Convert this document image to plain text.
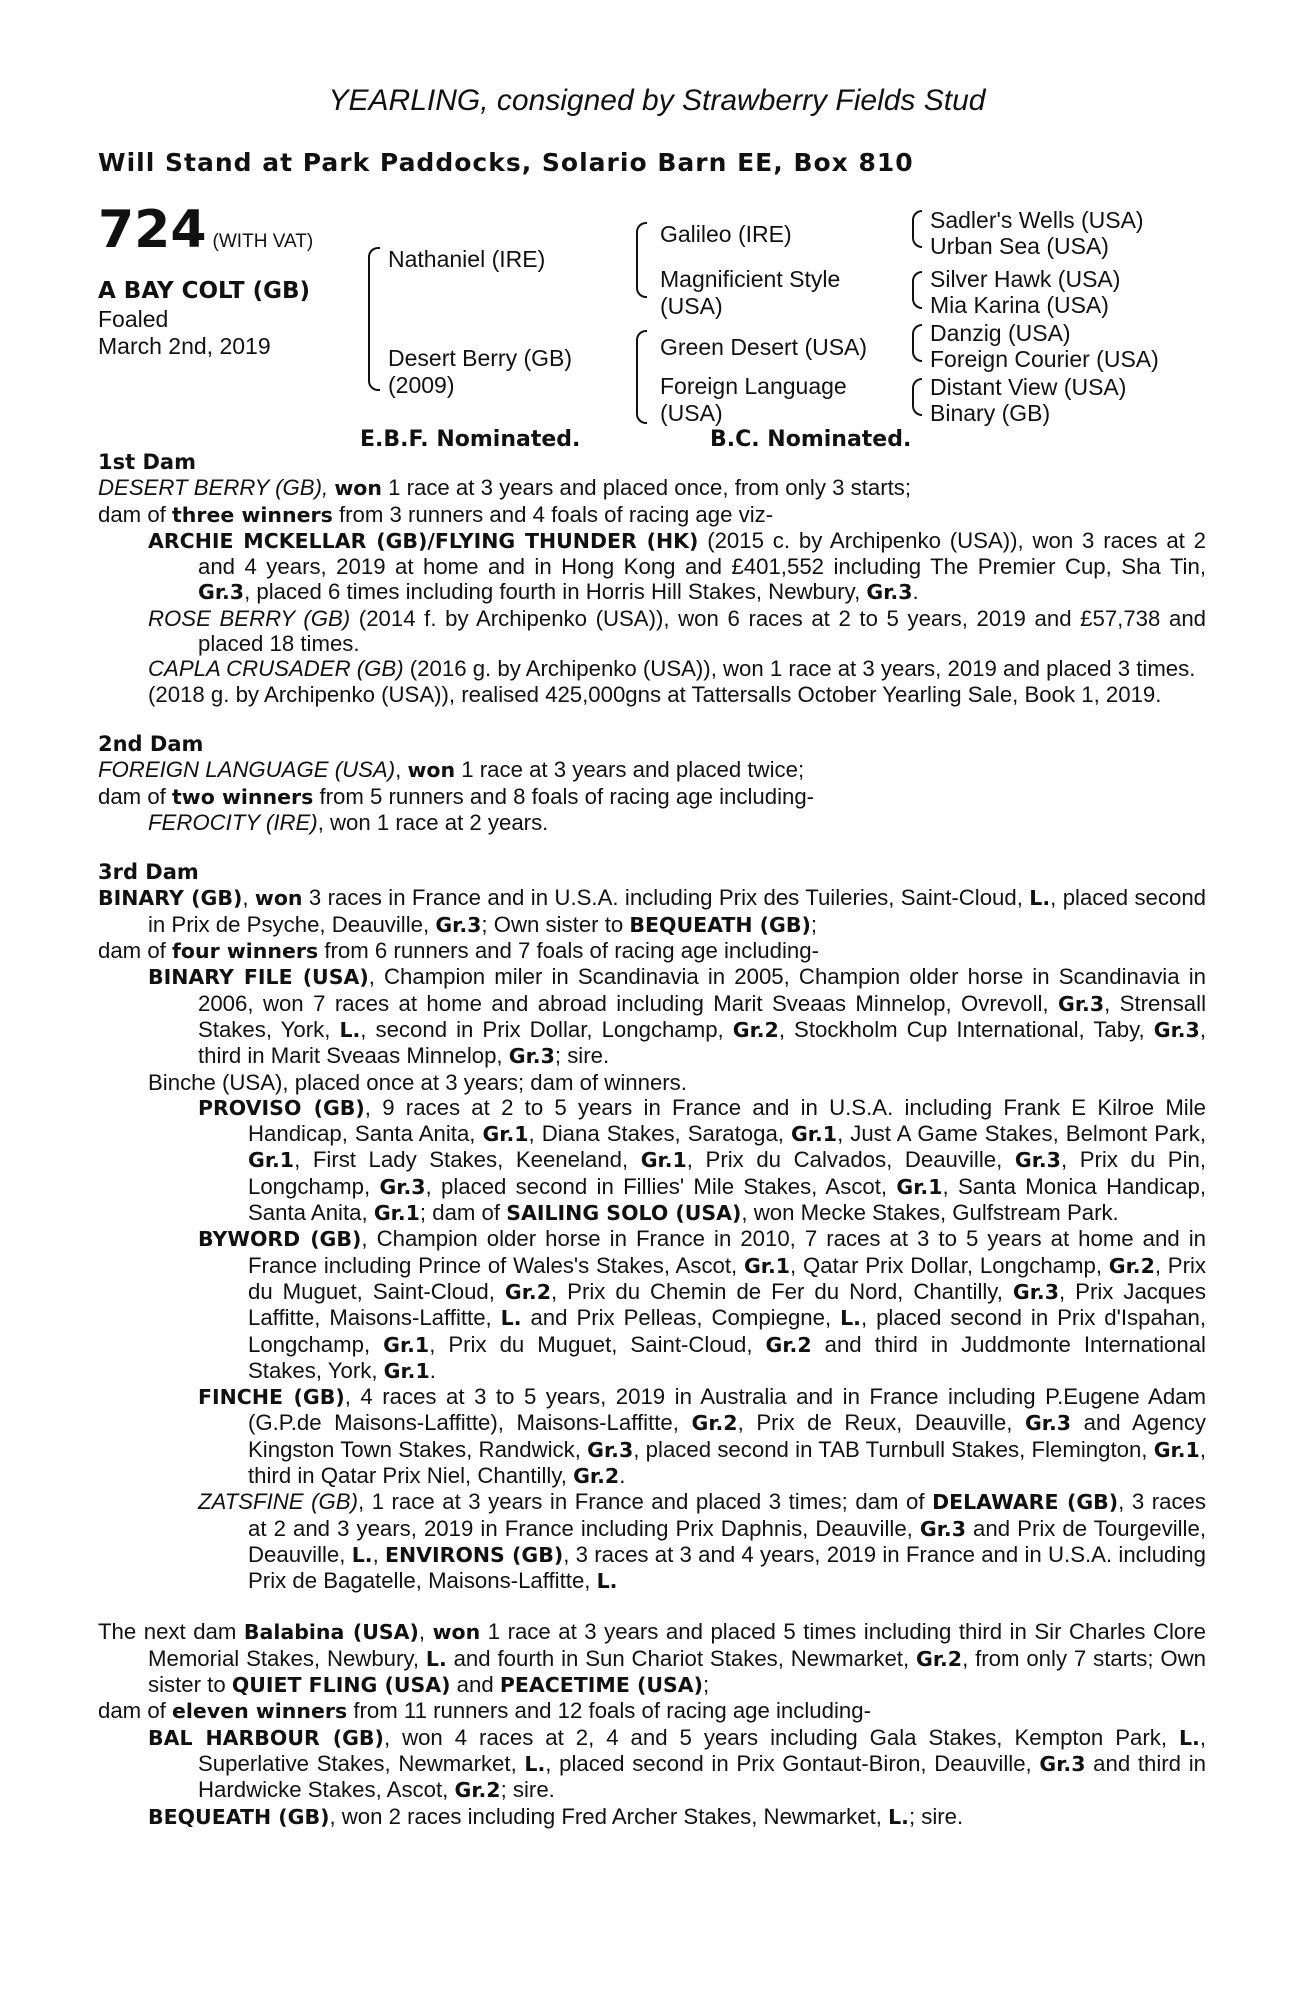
YEARLING, consigned by Strawberry Fields Stud
Will Stand at Park Paddocks, Solario Barn EE, Box 810
724 (WITH VAT)
A BAY COLT (GB)
Foaled
March 2nd, 2019
Nathaniel (IRE)
Desert Berry (GB)
(2009)
Galileo (IRE)
Magnificient Style
(USA)
Green Desert (USA)
Foreign Language
(USA)
Sadler's Wells (USA)
Urban Sea (USA)
Silver Hawk (USA)
Mia Karina (USA)
Danzig (USA)
Foreign Courier (USA)
Distant View (USA)
Binary (GB)
E.B.F. Nominated.	B.C. Nominated.

1st Dam

DESERT BERRY (GB), won 1 race at 3 years and placed once, from only 3 starts;

dam of three winners from 3 runners and 4 foals of racing age viz-

ARCHIE MCKELLAR (GB)/FLYING THUNDER (HK) (2015 c. by Archipenko (USA)), won 3 races at 2 and 4 years, 2019 at home and in Hong Kong and £401,552 including The Premier Cup, Sha Tin, Gr.3, placed 6 times including fourth in Horris Hill Stakes, Newbury, Gr.3.

ROSE BERRY (GB) (2014 f. by Archipenko (USA)), won 6 races at 2 to 5 years, 2019 and £57,738 and placed 18 times.

CAPLA CRUSADER (GB) (2016 g. by Archipenko (USA)), won 1 race at 3 years, 2019 and placed 3 times.

(2018 g. by Archipenko (USA)), realised 425,000gns at Tattersalls October Yearling Sale, Book 1, 2019.

2nd Dam

FOREIGN LANGUAGE (USA), won 1 race at 3 years and placed twice;

dam of two winners from 5 runners and 8 foals of racing age including-

FEROCITY (IRE), won 1 race at 2 years.

3rd Dam

BINARY (GB), won 3 races in France and in U.S.A. including Prix des Tuileries, Saint-Cloud, L., placed second in Prix de Psyche, Deauville, Gr.3; Own sister to BEQUEATH (GB);

dam of four winners from 6 runners and 7 foals of racing age including-

BINARY FILE (USA), Champion miler in Scandinavia in 2005, Champion older horse in Scandinavia in 2006, won 7 races at home and abroad including Marit Sveaas Minnelop, Ovrevoll, Gr.3, Strensall Stakes, York, L., second in Prix Dollar, Longchamp, Gr.2, Stockholm Cup International, Taby, Gr.3, third in Marit Sveaas Minnelop, Gr.3; sire.

Binche (USA), placed once at 3 years; dam of winners.

PROVISO (GB), 9 races at 2 to 5 years in France and in U.S.A. including Frank E Kilroe Mile Handicap, Santa Anita, Gr.1, Diana Stakes, Saratoga, Gr.1, Just A Game Stakes, Belmont Park, Gr.1, First Lady Stakes, Keeneland, Gr.1, Prix du Calvados, Deauville, Gr.3, Prix du Pin, Longchamp, Gr.3, placed second in Fillies' Mile Stakes, Ascot, Gr.1, Santa Monica Handicap, Santa Anita, Gr.1; dam of SAILING SOLO (USA), won Mecke Stakes, Gulfstream Park.

BYWORD (GB), Champion older horse in France in 2010, 7 races at 3 to 5 years at home and in France including Prince of Wales's Stakes, Ascot, Gr.1, Qatar Prix Dollar, Longchamp, Gr.2, Prix du Muguet, Saint-Cloud, Gr.2, Prix du Chemin de Fer du Nord, Chantilly, Gr.3, Prix Jacques Laffitte, Maisons-Laffitte, L. and Prix Pelleas, Compiegne, L., placed second in Prix d'Ispahan, Longchamp, Gr.1, Prix du Muguet, Saint-Cloud, Gr.2 and third in Juddmonte International Stakes, York, Gr.1.

FINCHE (GB), 4 races at 3 to 5 years, 2019 in Australia and in France including P.Eugene Adam (G.P.de Maisons-Laffitte), Maisons-Laffitte, Gr.2, Prix de Reux, Deauville, Gr.3 and Agency Kingston Town Stakes, Randwick, Gr.3, placed second in TAB Turnbull Stakes, Flemington, Gr.1, third in Qatar Prix Niel, Chantilly, Gr.2.

ZATSFINE (GB), 1 race at 3 years in France and placed 3 times; dam of DELAWARE (GB), 3 races at 2 and 3 years, 2019 in France including Prix Daphnis, Deauville, Gr.3 and Prix de Tourgeville, Deauville, L., ENVIRONS (GB), 3 races at 3 and 4 years, 2019 in France and in U.S.A. including Prix de Bagatelle, Maisons-Laffitte, L.

The next dam Balabina (USA), won 1 race at 3 years and placed 5 times including third in Sir Charles Clore Memorial Stakes, Newbury, L. and fourth in Sun Chariot Stakes, Newmarket, Gr.2, from only 7 starts; Own sister to QUIET FLING (USA) and PEACETIME (USA);

dam of eleven winners from 11 runners and 12 foals of racing age including-

BAL HARBOUR (GB), won 4 races at 2, 4 and 5 years including Gala Stakes, Kempton Park, L., Superlative Stakes, Newmarket, L., placed second in Prix Gontaut-Biron, Deauville, Gr.3 and third in Hardwicke Stakes, Ascot, Gr.2; sire.

BEQUEATH (GB), won 2 races including Fred Archer Stakes, Newmarket, L.; sire.
